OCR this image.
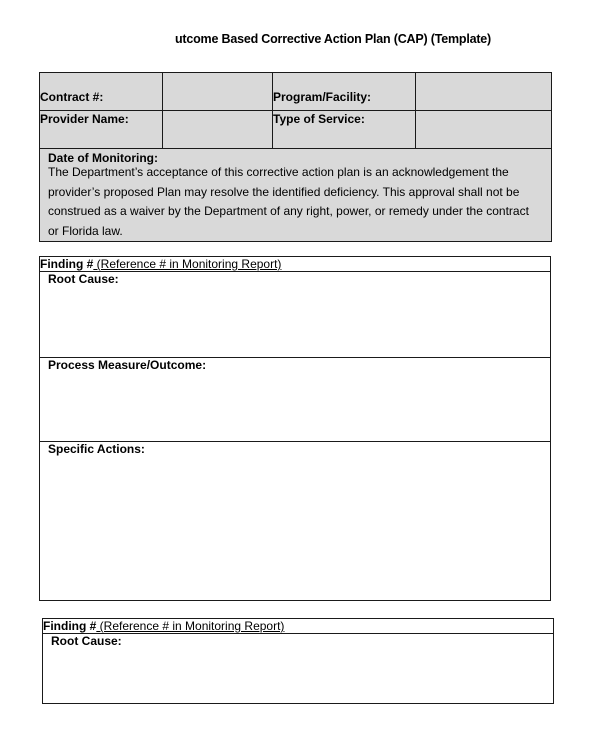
utcome Based Corrective Action Plan (CAP) (Template)
Contract #:		Program/Facility:	
Provider Name:		Type of Service:	

Date of Monitoring:
The Department’s acceptance of this corrective action plan is an acknowledgement the provider’s proposed Plan may resolve the identified deficiency. This approval shall not be construed as a waiver by the Department of any right, power, or remedy under the contract or Florida law.			
Finding # (Reference # in Monitoring Report)

Root Cause:

Process Measure/Outcome:

Specific Actions:
Finding # (Reference # in Monitoring Report)

Root Cause:
